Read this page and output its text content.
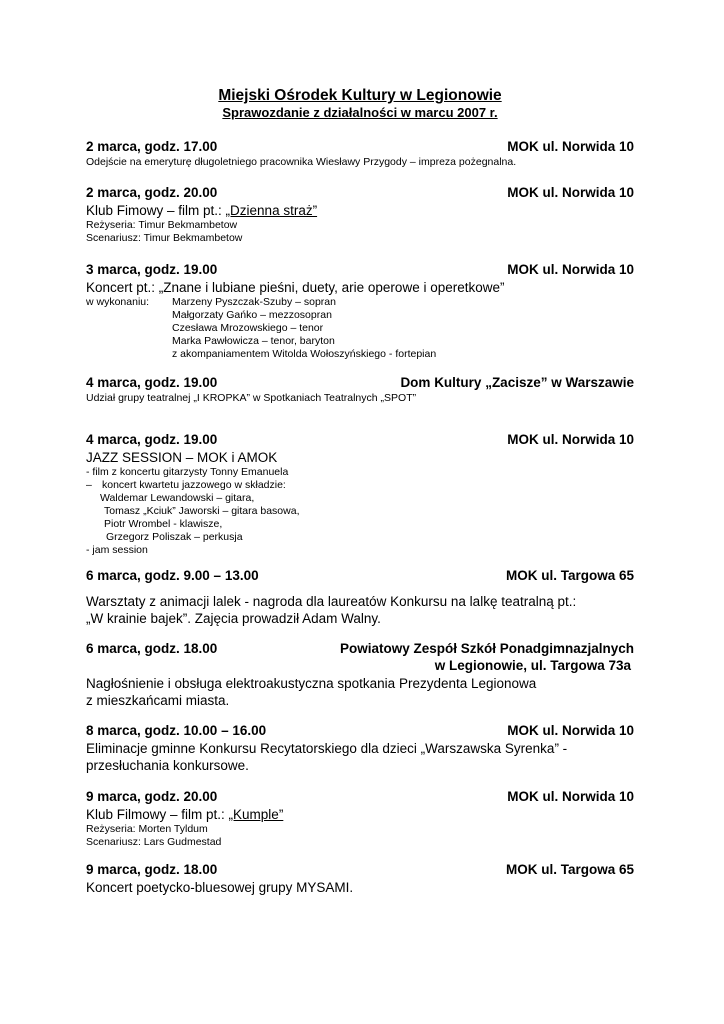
Miejski Ośrodek Kultury w Legionowie
Sprawozdanie z działalności w marcu 2007 r.
2 marca, godz. 17.00	MOK ul. Norwida 10
Odejście na emeryturę długoletniego pracownika Wiesławy Przygody – impreza pożegnalna.
2 marca, godz. 20.00	MOK ul. Norwida 10
Klub Fimowy – film pt.: „Dzienna straż”
Reżyseria: Timur Bekmambetow
Scenariusz: Timur Bekmambetow
3 marca, godz. 19.00	MOK ul. Norwida 10
Koncert pt.: „Znane i lubiane pieśni, duety, arie operowe i operetkowe”
w wykonaniu:	Marzeny Pyszczak-Szuby – sopran
Małgorzaty Gańko – mezzosopran
Czesława Mrozowskiego – tenor
Marka Pawłowicza – tenor, baryton
z akompaniamentem Witolda Wołoszyńskiego - fortepian
4 marca, godz. 19.00	Dom Kultury „Zacisze” w Warszawie
Udział grupy teatralnej „I KROPKA” w Spotkaniach Teatralnych „SPOT”
4 marca, godz. 19.00	MOK ul. Norwida 10
JAZZ SESSION – MOK i AMOK
- film z koncertu gitarzysty Tonny Emanuela
– koncert kwartetu jazzowego w składzie:
Waldemar Lewandowski – gitara,
Tomasz „Kciuk” Jaworski – gitara basowa,
Piotr Wrombel - klawisze,
Grzegorz Poliszak – perkusja
- jam session
6 marca, godz. 9.00 – 13.00	MOK ul. Targowa 65
Warsztaty z animacji lalek - nagroda dla laureatów Konkursu na lalkę teatralną pt.:
„W krainie bajek”. Zajęcia prowadził Adam Walny.
6 marca, godz. 18.00	Powiatowy Zespół Szkół Ponadgimnazjalnych
w Legionowie, ul. Targowa 73a
Nagłośnienie i obsługa elektroakustyczna spotkania Prezydenta Legionowa
z mieszkańcami miasta.
8 marca, godz. 10.00 – 16.00	MOK ul. Norwida 10
Eliminacje gminne Konkursu Recytatorskiego dla dzieci „Warszawska Syrenka” -
przesłuchania konkursowe.
9 marca, godz. 20.00	MOK ul. Norwida 10
Klub Filmowy – film pt.: „Kumple”
Reżyseria: Morten Tyldum
Scenariusz: Lars Gudmestad
9 marca, godz. 18.00	MOK ul. Targowa 65
Koncert poetycko-bluesowej grupy MYSAMI.
